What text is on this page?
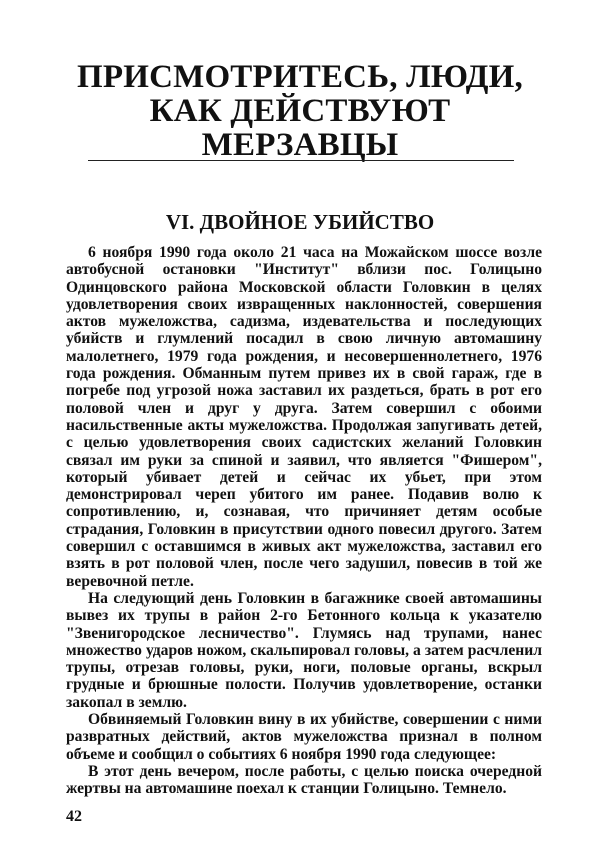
ПРИСМОТРИТЕСЬ, ЛЮДИ,
КАК ДЕЙСТВУЮТ
МЕРЗАВЦЫ
VI. ДВОЙНОЕ УБИЙСТВО

6 ноября 1990 года около 21 часа на Можайском шоссе возле автобусной остановки "Институт" вблизи пос. Голицыно Одинцовского района Московской области Головкин в целях удовлетворения своих извращенных наклонностей, совершения актов мужеложства, садизма, издевательства и последующих убийств и глумлений посадил в свою личную автомашину малолетнего, 1979 года рождения, и несовершеннолетнего, 1976 года рождения. Обманным путем привез их в свой гараж, где в погребе под угрозой ножа заставил их раздеться, брать в рот его половой член и друг у друга. Затем совершил с обоими насильственные акты мужеложства. Продолжая запугивать детей, с целью удовлетворения своих садистских желаний Головкин связал им руки за спиной и заявил, что является "Фишером", который убивает детей и сейчас их убьет, при этом демонстрировал череп убитого им ранее. Подавив волю к сопротивлению, и, сознавая, что причиняет детям особые страдания, Головкин в присутствии одного повесил другого. Затем совершил с оставшимся в живых акт мужеложства, заставил его взять в рот половой член, после чего задушил, повесив в той же веревочной петле.

На следующий день Головкин в багажнике своей автомашины вывез их трупы в район 2-го Бетонного кольца к указателю "Звенигородское лесничество". Глумясь над трупами, нанес множество ударов ножом, скальпировал головы, а затем расчленил трупы, отрезав головы, руки, ноги, половые органы, вскрыл грудные и брюшные полости. Получив удовлетворение, останки закопал в землю.

Обвиняемый Головкин вину в их убийстве, совершении с ними развратных действий, актов мужеложства признал в полном объеме и сообщил о событиях 6 ноября 1990 года следующее:

В этот день вечером, после работы, с целью поиска очередной жертвы на автомашине поехал к станции Голицыно. Темнело.

42
